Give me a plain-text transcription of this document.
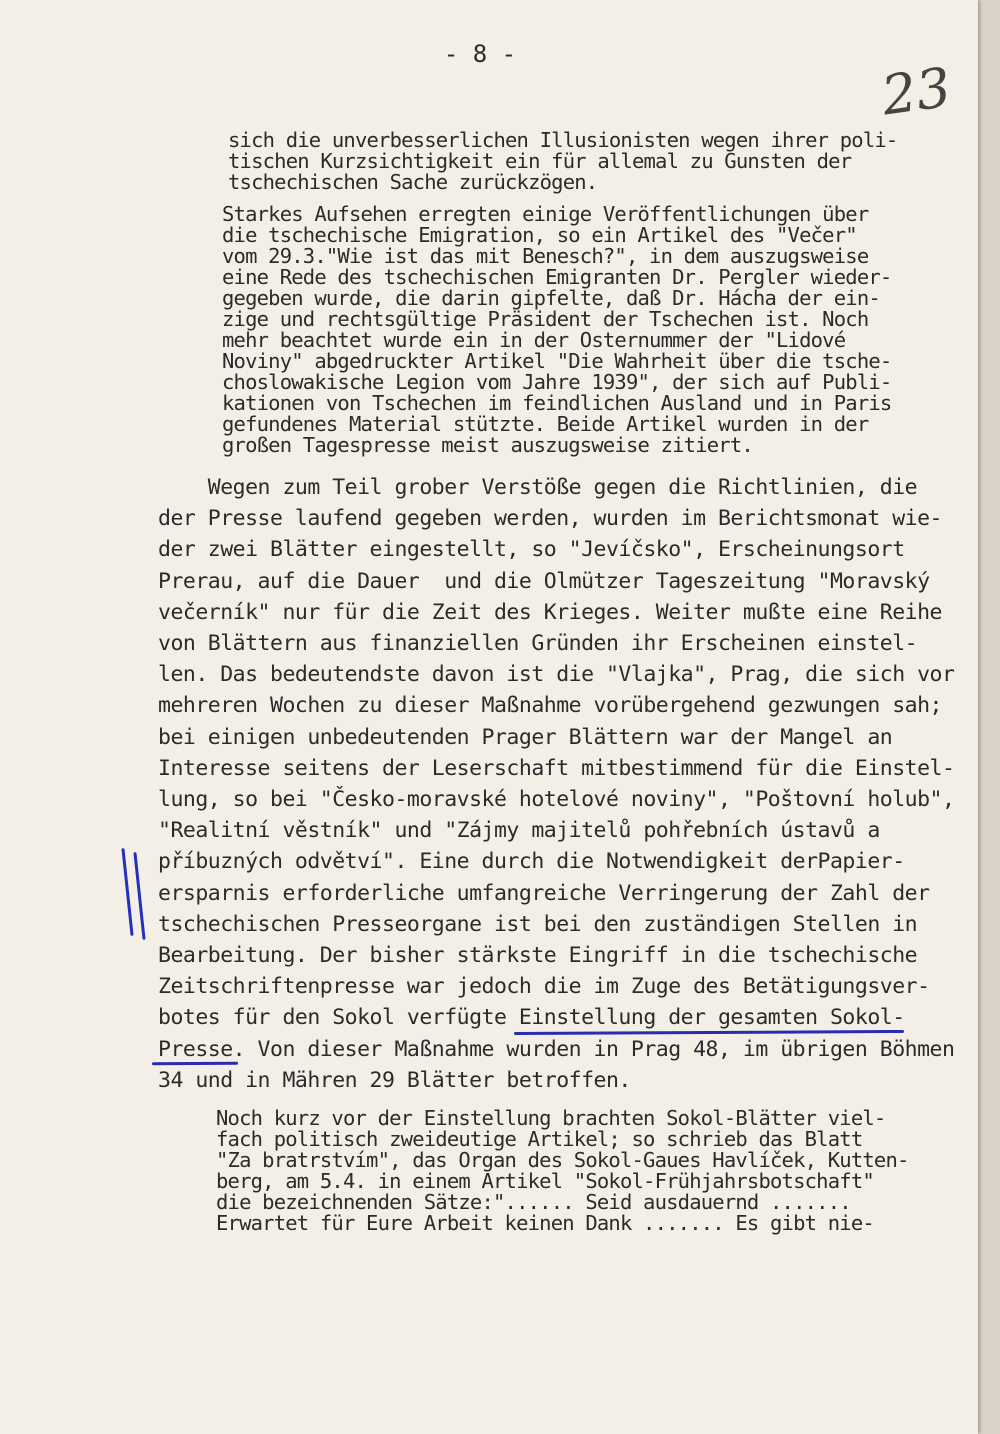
- 8 -
23
sich die unverbesserlichen Illusionisten wegen ihrer poli-
tischen Kurzsichtigkeit ein für allemal zu Gunsten der
tschechischen Sache zurückzögen.
Starkes Aufsehen erregten einige Veröffentlichungen über
die tschechische Emigration, so ein Artikel des "Večer"
vom 29.3."Wie ist das mit Benesch?", in dem auszugsweise
eine Rede des tschechischen Emigranten Dr. Pergler wieder-
gegeben wurde, die darin gipfelte, daß Dr. Hácha der ein-
zige und rechtsgültige Präsident der Tschechen ist. Noch
mehr beachtet wurde ein in der Osternummer der "Lidové
Noviny" abgedruckter Artikel "Die Wahrheit über die tsche-
choslowakische Legion vom Jahre 1939", der sich auf Publi-
kationen von Tschechen im feindlichen Ausland und in Paris
gefundenes Material stützte. Beide Artikel wurden in der
großen Tagespresse meist auszugsweise zitiert.
Wegen zum Teil grober Verstöße gegen die Richtlinien, die
der Presse laufend gegeben werden, wurden im Berichtsmonat wie-
der zwei Blätter eingestellt, so "Jevíčsko", Erscheinungsort
Prerau, auf die Dauer  und die Olmützer Tageszeitung "Moravský
večerník" nur für die Zeit des Krieges. Weiter mußte eine Reihe
von Blättern aus finanziellen Gründen ihr Erscheinen einstel-
len. Das bedeutendste davon ist die "Vlajka", Prag, die sich vor
mehreren Wochen zu dieser Maßnahme vorübergehend gezwungen sah;
bei einigen unbedeutenden Prager Blättern war der Mangel an
Interesse seitens der Leserschaft mitbestimmend für die Einstel-
lung, so bei "Česko-moravské hotelové noviny", "Poštovní holub",
"Realitní věstník" und "Zájmy majitelů pohřebních ústavů a
příbuzných odvětví". Eine durch die Notwendigkeit derPapier-
ersparnis erforderliche umfangreiche Verringerung der Zahl der
tschechischen Presseorgane ist bei den zuständigen Stellen in
Bearbeitung. Der bisher stärkste Eingriff in die tschechische
Zeitschriftenpresse war jedoch die im Zuge des Betätigungsver-
botes für den Sokol verfügte Einstellung der gesamten Sokol-
Presse. Von dieser Maßnahme wurden in Prag 48, im übrigen Böhmen
34 und in Mähren 29 Blätter betroffen.
Noch kurz vor der Einstellung brachten Sokol-Blätter viel-
fach politisch zweideutige Artikel; so schrieb das Blatt
"Za bratrstvím", das Organ des Sokol-Gaues Havlíček, Kutten-
berg, am 5.4. in einem Artikel "Sokol-Frühjahrsbotschaft"
die bezeichnenden Sätze:"...... Seid ausdauernd .......
Erwartet für Eure Arbeit keinen Dank ....... Es gibt nie-
